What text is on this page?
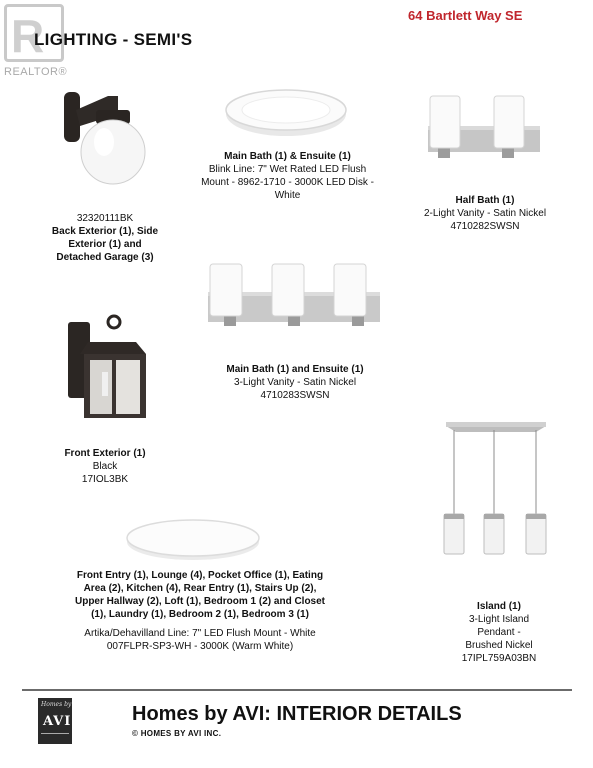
R
REALTOR®
LIGHTING - SEMI'S
64 Bartlett Way SE
32320111BK
Back Exterior (1), Side
Exterior (1) and
Detached Garage (3)
Main Bath (1) & Ensuite (1)
Blink Line: 7" Wet Rated LED Flush
Mount - 8962-1710 - 3000K LED Disk -
White	Half Bath (1)
2-Light Vanity - Satin Nickel
4710282SWSN
Main Bath (1) and Ensuite (1)
3-Light Vanity - Satin Nickel
4710283SWSN
Front Exterior (1)
Black
17IOL3BK
Front Entry (1), Lounge (4), Pocket Office (1), Eating
Area (2), Kitchen (4), Rear Entry (1), Stairs Up (2),
Upper Hallway (2), Loft (1), Bedroom 1 (2) and Closet
(1), Laundry (1), Bedroom 2 (1), Bedroom 3 (1)
Artika/Dehavilland Line: 7" LED Flush Mount - White
007FLPR-SP3-WH - 3000K (Warm White)
Island (1)
3-Light Island
Pendant -
Brushed Nickel
17IPL759A03BN
Homes by
AVI	Homes by AVI: INTERIOR DETAILS
© HOMES BY AVI INC.
